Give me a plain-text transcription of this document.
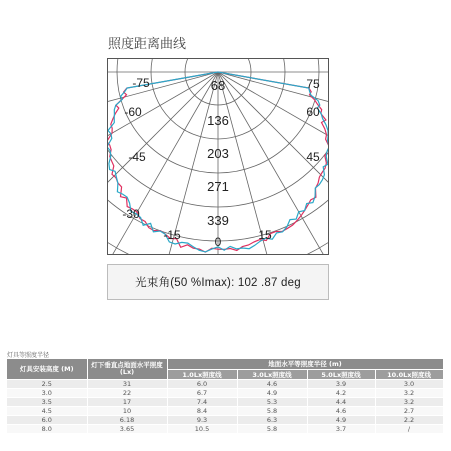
照度距离曲线
-75
-60
-45
-30
-15	0	15
45
60
75
68
136
203
271
339
光束角(50 %Imax): 102 .87 deg
灯具等照度半径
灯具安装高度 (M)	灯下垂直点地面水平照度 (Lx)	地面水平等照度半径 (m)			
		1.0Lx照度线	3.0Lx照度线	5.0Lx照度线	10.0Lx照度线
2.5	31	6.0	4.6	3.9	3.0
3.0	22	6.7	4.9	4.2	3.2
3.5	17	7.4	5.3	4.4	3.2
4.5	10	8.4	5.8	4.6	2.7
6.0	6.18	9.3	6.3	4.9	2.2
8.0	3.65	10.5	5.8	3.7	/
